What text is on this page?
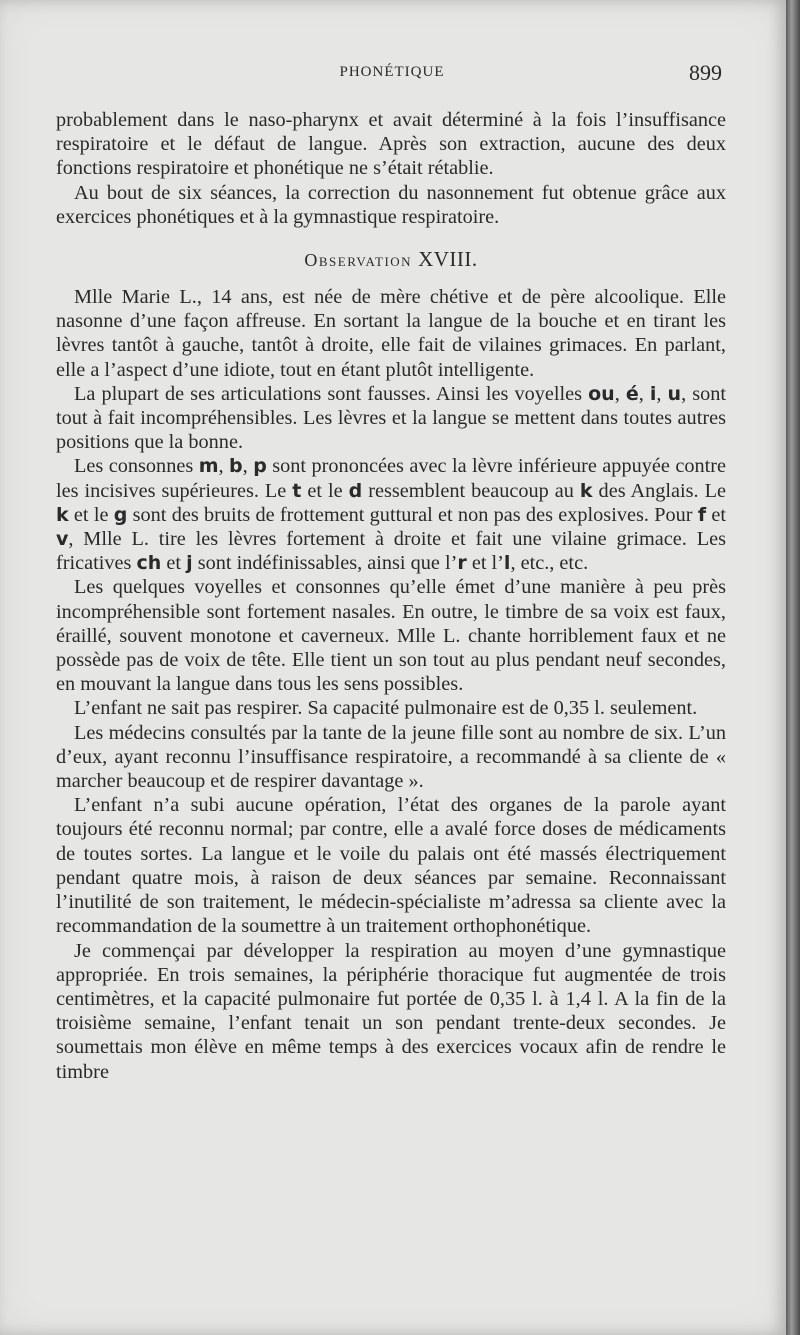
PHONÉTIQUE	899

probablement dans le naso-pharynx et avait déterminé à la fois l’insuffisance respiratoire et le défaut de langue. Après son extraction, aucune des deux fonctions respiratoire et phonétique ne s’était rétablie.

Au bout de six séances, la correction du nasonnement fut obtenue grâce aux exercices phonétiques et à la gymnastique respiratoire.

Observation XVIII.

Mlle Marie L., 14 ans, est née de mère chétive et de père alcoolique. Elle nasonne d’une façon affreuse. En sortant la langue de la bouche et en tirant les lèvres tantôt à gauche, tantôt à droite, elle fait de vilaines grimaces. En parlant, elle a l’aspect d’une idiote, tout en étant plutôt intelligente.

La plupart de ses articulations sont fausses. Ainsi les voyelles ou, é, i, u, sont tout à fait incompréhensibles. Les lèvres et la langue se mettent dans toutes autres positions que la bonne.

Les consonnes m, b, p sont prononcées avec la lèvre inférieure appuyée contre les incisives supérieures. Le t et le d ressemblent beaucoup au k des Anglais. Le k et le g sont des bruits de frottement guttural et non pas des explosives. Pour f et v, Mlle L. tire les lèvres fortement à droite et fait une vilaine grimace. Les fricatives ch et j sont indéfinissables, ainsi que l’r et l’l, etc., etc.

Les quelques voyelles et consonnes qu’elle émet d’une manière à peu près incompréhensible sont fortement nasales. En outre, le timbre de sa voix est faux, éraillé, souvent monotone et caverneux. Mlle L. chante horriblement faux et ne possède pas de voix de tête. Elle tient un son tout au plus pendant neuf secondes, en mouvant la langue dans tous les sens possibles.

L’enfant ne sait pas respirer. Sa capacité pulmonaire est de 0,35 l. seulement.

Les médecins consultés par la tante de la jeune fille sont au nombre de six. L’un d’eux, ayant reconnu l’insuffisance respiratoire, a recommandé à sa cliente de « marcher beaucoup et de respirer davantage ».

L’enfant n’a subi aucune opération, l’état des organes de la parole ayant toujours été reconnu normal; par contre, elle a avalé force doses de médicaments de toutes sortes. La langue et le voile du palais ont été massés électriquement pendant quatre mois, à raison de deux séances par semaine. Reconnaissant l’inutilité de son traitement, le médecin-spécialiste m’adressa sa cliente avec la recommandation de la soumettre à un traitement orthophonétique.

Je commençai par développer la respiration au moyen d’une gymnastique appropriée. En trois semaines, la périphérie thoracique fut augmentée de trois centimètres, et la capacité pulmonaire fut portée de 0,35 l. à 1,4 l. A la fin de la troisième semaine, l’enfant tenait un son pendant trente-deux secondes. Je soumettais mon élève en même temps à des exercices vocaux afin de rendre le timbre
